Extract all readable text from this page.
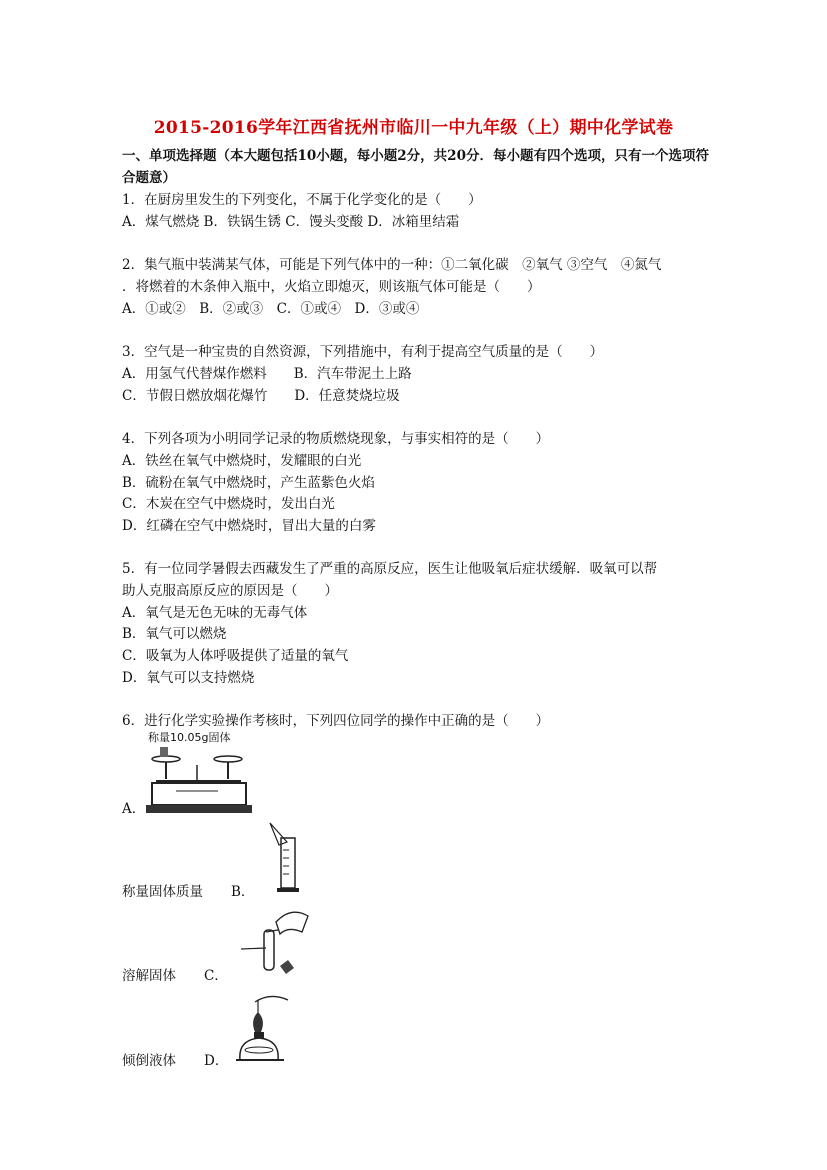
2015-2016学年江西省抚州市临川一中九年级（上）期中化学试卷
一、单项选择题（本大题包括10小题，每小题2分，共20分．每小题有四个选项，只有一个选项符合题意）
1．在厨房里发生的下列变化，不属于化学变化的是（　　）
A．煤气燃烧 B．铁锅生锈 C．馒头变酸 D．冰箱里结霜
2．集气瓶中装满某气体，可能是下列气体中的一种：①二氧化碳　②氧气 ③空气　④氮气
．将燃着的木条伸入瓶中，火焰立即熄灭，则该瓶气体可能是（　　）
A．①或②　B．②或③　C．①或④　D．③或④
3．空气是一种宝贵的自然资源，下列措施中，有利于提高空气质量的是（　　）
A．用氢气代替煤作燃料　　B．汽车带泥土上路
C．节假日燃放烟花爆竹　　D．任意焚烧垃圾
4．下列各项为小明同学记录的物质燃烧现象，与事实相符的是（　　）
A．铁丝在氧气中燃烧时，发耀眼的白光
B．硫粉在氧气中燃烧时，产生蓝紫色火焰
C．木炭在空气中燃烧时，发出白光
D．红磷在空气中燃烧时，冒出大量的白雾
5．有一位同学暑假去西藏发生了严重的高原反应，医生让他吸氧后症状缓解．吸氧可以帮
助人克服高原反应的原因是（　　）
A．氧气是无色无味的无毒气体
B．氧气可以燃烧
C．吸氧为人体呼吸提供了适量的氧气
D．氧气可以支持燃烧
6．进行化学实验操作考核时，下列四位同学的操作中正确的是（　　）
称量10.05g固体
A．
称量固体质量 B．
溶解固体 C．
倾倒液体 D．
